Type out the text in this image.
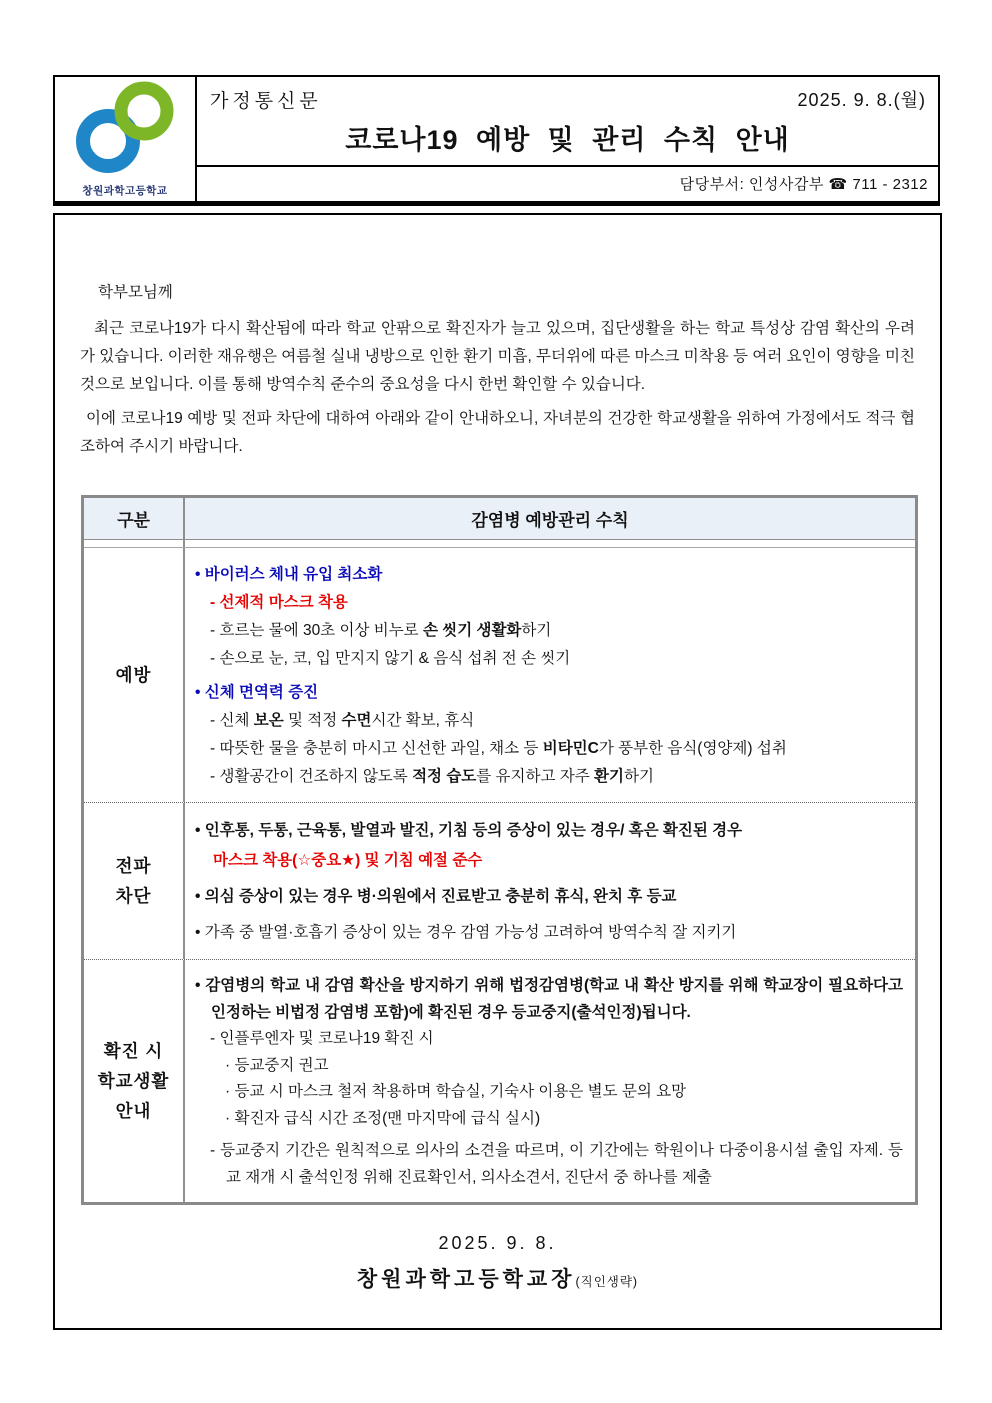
창원과학고등학교
가정통신문	2025. 9. 8.(월)
코로나19 예방 및 관리 수칙 안내
담당부서: 인성사감부 ☎ 711 - 2312
학부모님께

최근 코로나19가 다시 확산됨에 따라 학교 안팎으로 확진자가 늘고 있으며, 집단생활을 하는 학교 특성상 감염 확산의 우려가 있습니다. 이러한 재유행은 여름철 실내 냉방으로 인한 환기 미흡, 무더위에 따른 마스크 미착용 등 여러 요인이 영향을 미친 것으로 보입니다. 이를 통해 방역수칙 준수의 중요성을 다시 한번 확인할 수 있습니다.

이에 코로나19 예방 및 전파 차단에 대하여 아래와 같이 안내하오니, 자녀분의 건강한 학교생활을 위하여 가정에서도 적극 협조하여 주시기 바랍니다.

구분	감염병 예방관리 수칙
예방
• 바이러스 체내 유입 최소화
- 선제적 마스크 착용
- 흐르는 물에 30초 이상 비누로 손 씻기 생활화하기
- 손으로 눈, 코, 입 만지지 않기 & 음식 섭취 전 손 씻기
• 신체 면역력 증진
- 신체 보온 및 적정 수면시간 확보, 휴식
- 따뜻한 물을 충분히 마시고 신선한 과일, 채소 등 비타민C가 풍부한 음식(영양제) 섭취
- 생활공간이 건조하지 않도록 적정 습도를 유지하고 자주 환기하기
전파
차단
• 인후통, 두통, 근육통, 발열과 발진, 기침 등의 증상이 있는 경우/ 혹은 확진된 경우
마스크 착용(☆중요★) 및 기침 예절 준수
• 의심 증상이 있는 경우 병·의원에서 진료받고 충분히 휴식, 완치 후 등교
• 가족 중 발열·호흡기 증상이 있는 경우 감염 가능성 고려하여 방역수칙 잘 지키기
확진 시
학교생활
안내
• 감염병의 학교 내 감염 확산을 방지하기 위해 법정감염병(학교 내 확산 방지를 위해 학교장이 필요하다고 인정하는 비법정 감염병 포함)에 확진된 경우 등교중지(출석인정)됩니다.
- 인플루엔자 및 코로나19 확진 시
· 등교중지 권고
· 등교 시 마스크 철저 착용하며 학습실, 기숙사 이용은 별도 문의 요망
· 확진자 급식 시간 조정(맨 마지막에 급식 실시)
- 등교중지 기간은 원칙적으로 의사의 소견을 따르며, 이 기간에는 학원이나 다중이용시설 출입 자제. 등교 재개 시 출석인정 위해 진료확인서, 의사소견서, 진단서 중 하나를 제출
2025. 9. 8.
창원과학고등학교장(직인생략)
